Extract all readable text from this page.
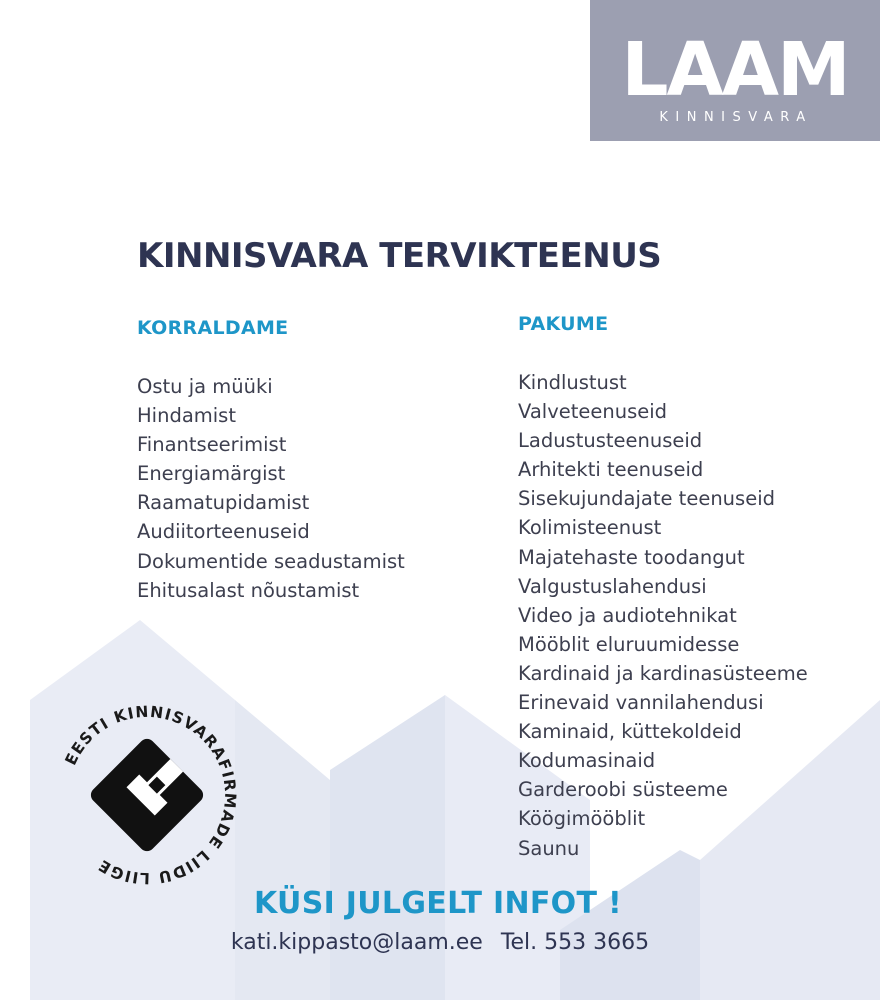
LAAM
KINNISVARA
KINNISVARA TERVIKTEENUS
KORRALDAME
Ostu ja müüki
Hindamist
Finantseerimist
Energiamärgist
Raamatupidamist
Audiitorteenuseid
Dokumentide seadustamist
Ehitusalast nõustamist
PAKUME
Kindlustust
Valveteenuseid
Ladustusteenuseid
Arhitekti teenuseid
Sisekujundajate teenuseid
Kolimisteenust
Majatehaste toodangut
Valgustuslahendusi
Video ja audiotehnikat
Mööblit eluruumidesse
Kardinaid ja kardinasüsteeme
Erinevaid vannilahendusi
Kaminaid, küttekoldeid
Kodumasinaid
Garderoobi süsteeme
Köögimööblit
Saunu
EESTI KINNISVARAFIRMADE LIIDU LIIGE
KÜSI JULGELT INFOT !
kati.kippasto@laam.ee Tel. 553 3665
